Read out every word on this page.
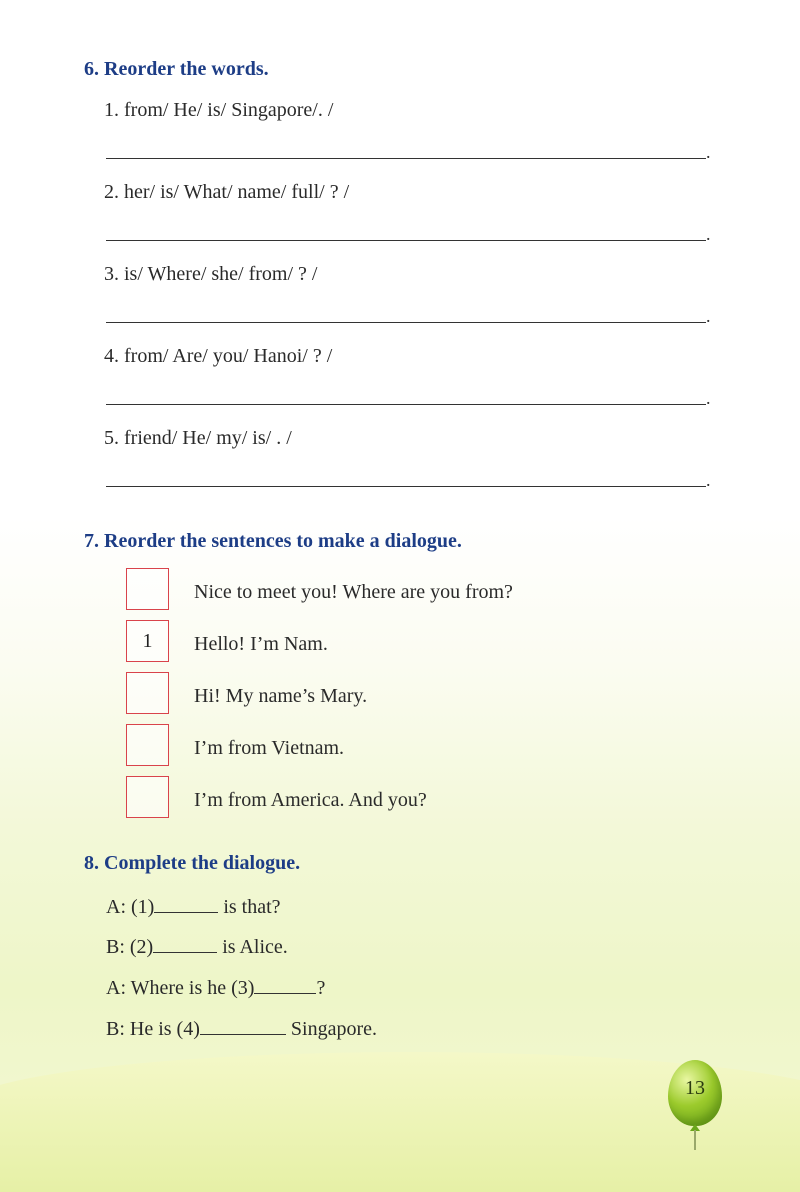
6. Reorder the words.
1. from/ He/ is/ Singapore/. /
.
2. her/ is/ What/ name/ full/ ? /
.
3. is/ Where/ she/ from/ ? /
.
4. from/ Are/ you/ Hanoi/ ? /
.
5. friend/ He/ my/ is/ . /
.
7. Reorder the sentences to make a dialogue.
Nice to meet you! Where are you from?
1	Hello! I’m Nam.
Hi! My name’s Mary.
I’m from Vietnam.
I’m from America. And you?
8. Complete the dialogue.
A: (1)	is that?
B: (2)	is Alice.
A: Where is he (3)	?
B: He is (4)	Singapore.
13
